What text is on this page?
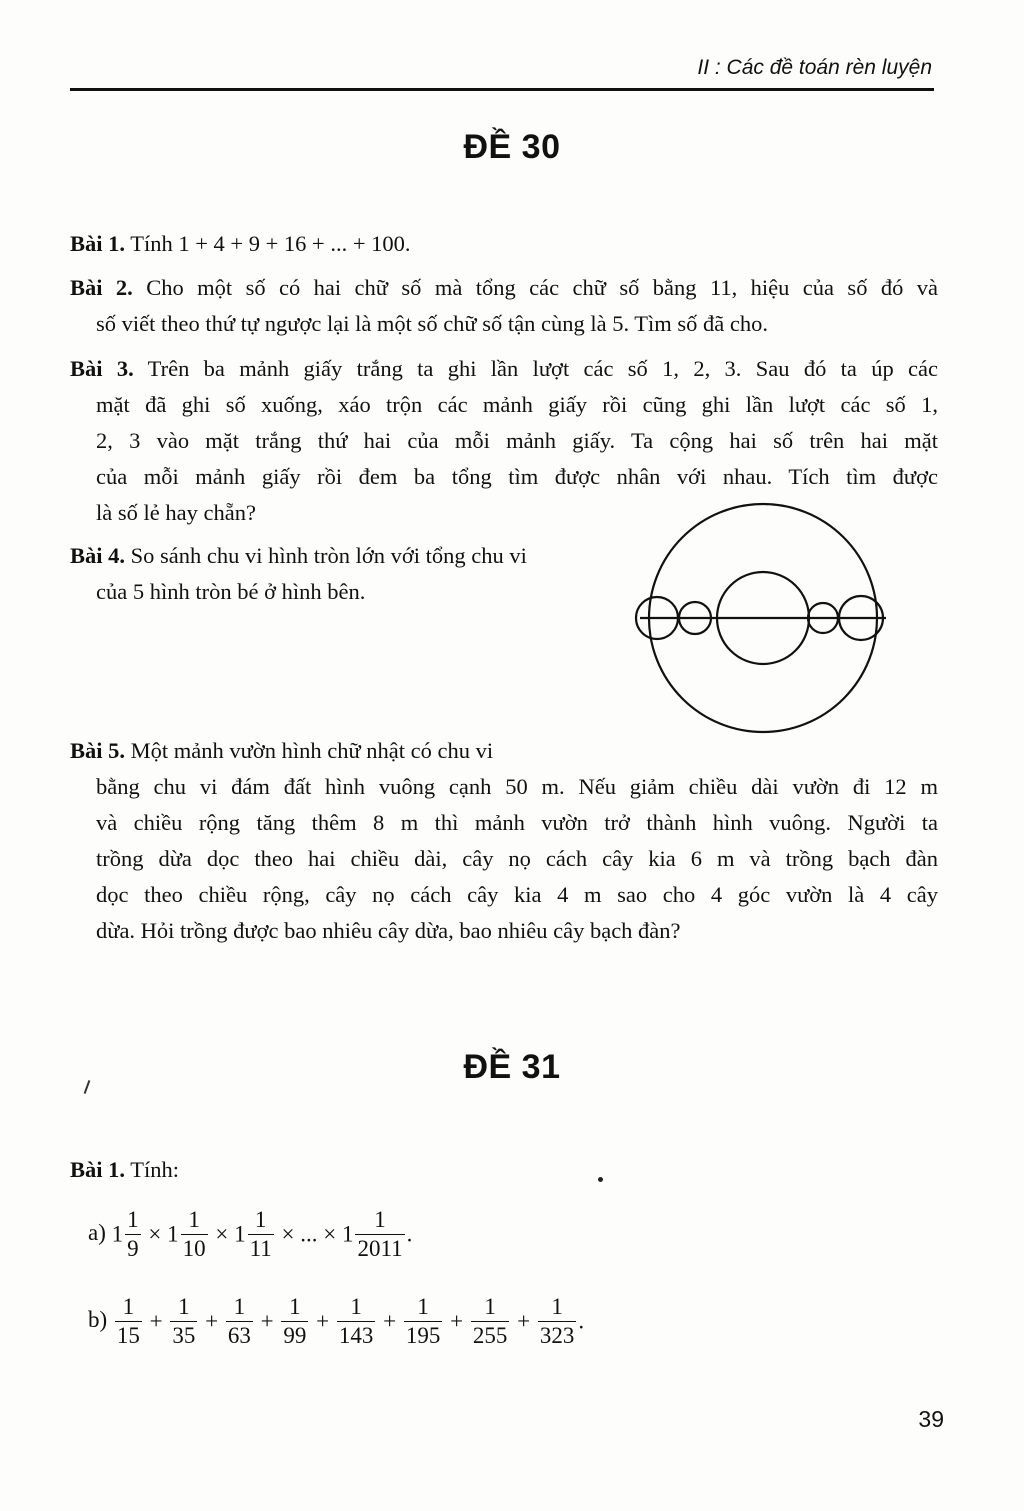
II : Các đề toán rèn luyện
ĐỀ 30
Bài 1. Tính 1 + 4 + 9 + 16 + ... + 100.
Bài 2. Cho một số có hai chữ số mà tổng các chữ số bằng 11, hiệu của số đó và
số viết theo thứ tự ngược lại là một số chữ số tận cùng là 5. Tìm số đã cho.
Bài 3. Trên ba mảnh giấy trắng ta ghi lần lượt các số 1, 2, 3. Sau đó ta úp các
mặt đã ghi số xuống, xáo trộn các mảnh giấy rồi cũng ghi lần lượt các số 1,
2, 3 vào mặt trắng thứ hai của mỗi mảnh giấy. Ta cộng hai số trên hai mặt
của mỗi mảnh giấy rồi đem ba tổng tìm được nhân với nhau. Tích tìm được
là số lẻ hay chẵn?
Bài 4. So sánh chu vi hình tròn lớn với tổng chu vi
của 5 hình tròn bé ở hình bên.
Bài 5. Một mảnh vườn hình chữ nhật có chu vi
bằng chu vi đám đất hình vuông cạnh 50 m. Nếu giảm chiều dài vườn đi 12 m
và chiều rộng tăng thêm 8 m thì mảnh vườn trở thành hình vuông. Người ta
trồng dừa dọc theo hai chiều dài, cây nọ cách cây kia 6 m và trồng bạch đàn
dọc theo chiều rộng, cây nọ cách cây kia 4 m sao cho 4 góc vườn là 4 cây
dừa. Hỏi trồng được bao nhiêu cây dừa, bao nhiêu cây bạch đàn?
ĐỀ 31
Bài 1. Tính:
a) $1 \frac{1}{9} \times 1 \frac{1}{10} \times 1 \frac{1}{11}$ × ... × $1 \frac{1}{2011}$ .
$b) \frac{1}{15} + \frac{1}{35} + \frac{1}{63} + \frac{1}{99} + \frac{1}{143} + \frac{1}{195} + \frac{1}{255} + \frac{1}{323}$ .
39
